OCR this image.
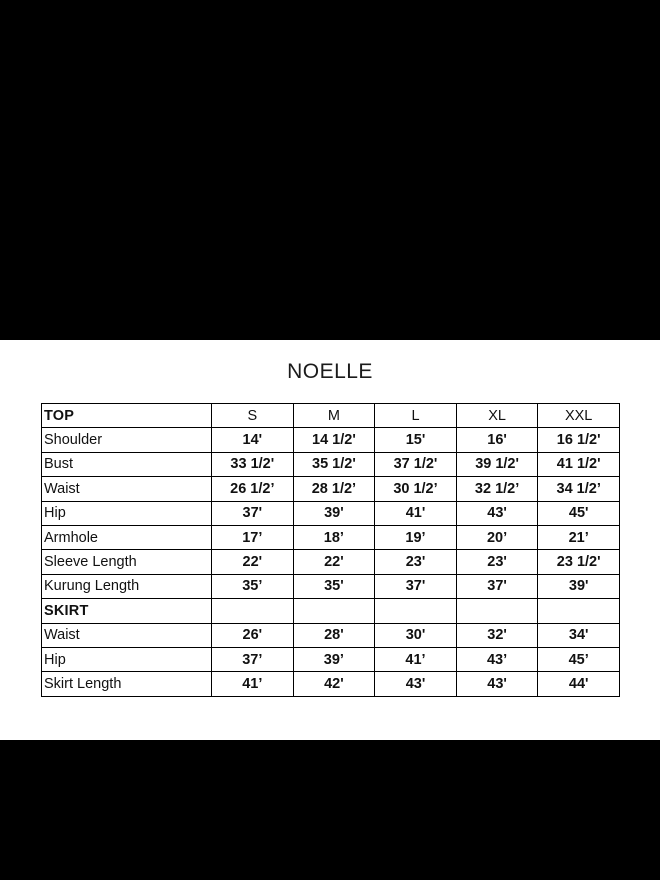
NOELLE
TOP	S	M	L	XL	XXL
Shoulder	14'	14 1/2'	15'	16'	16 1/2'
Bust	33 1/2'	35 1/2'	37 1/2'	39 1/2'	41 1/2'
Waist	26 1/2’	28 1/2’	30 1/2’	32 1/2’	34 1/2’
Hip	37'	39'	41'	43'	45'
Armhole	17’	18’	19’	20’	21’
Sleeve Length	22'	22'	23'	23'	23 1/2'
Kurung Length	35’	35'	37'	37'	39'
SKIRT					
Waist	26'	28'	30'	32'	34'
Hip	37’	39’	41’	43’	45’
Skirt Length	41’	42'	43'	43'	44'
